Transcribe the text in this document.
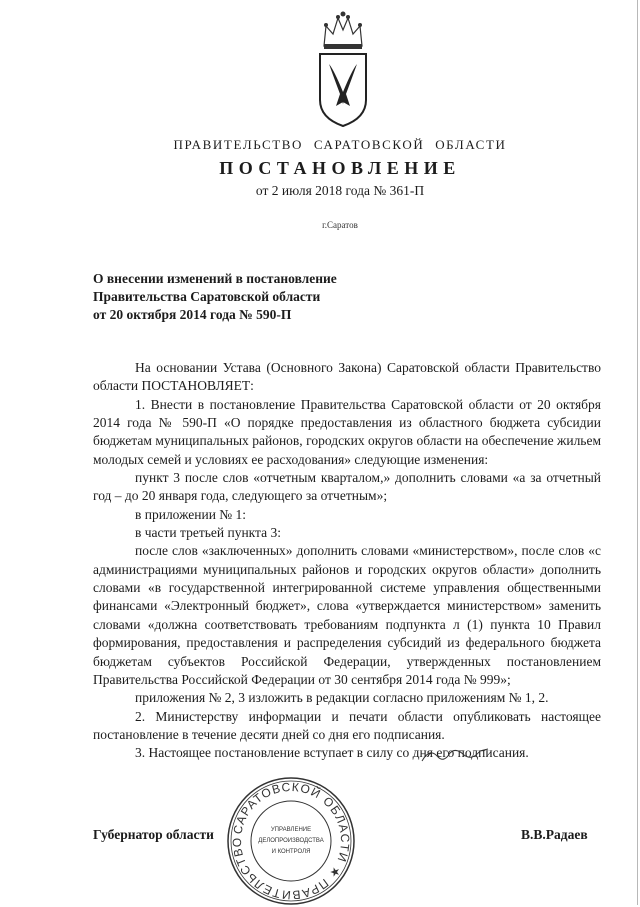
ПРАВИТЕЛЬСТВО САРАТОВСКОЙ ОБЛАСТИ
ПОСТАНОВЛЕНИЕ
от 2 июля 2018 года № 361-П
г.Саратов
О внесении изменений в постановление
Правительства Саратовской области
от 20 октября 2014 года № 590-П

На основании Устава (Основного Закона) Саратовской области Правительство области ПОСТАНОВЛЯЕТ:

1. Внести в постановление Правительства Саратовской области от 20 октября 2014 года № 590-П «О порядке предоставления из областного бюджета субсидии бюджетам муниципальных районов, городских округов области на обеспечение жильем молодых семей и условиях ее расходования» следующие изменения:

пункт 3 после слов «отчетным кварталом,» дополнить словами «а за отчетный год – до 20 января года, следующего за отчетным»;

в приложении № 1:

в части третьей пункта 3:

после слов «заключенных» дополнить словами «министерством», после слов «с администрациями муниципальных районов и городских округов области» дополнить словами «в государственной интегрированной системе управления общественными финансами «Электронный бюджет», слова «утверждается министерством» заменить словами «должна соответствовать требованиям подпункта л (1) пункта 10 Правил формирования, предоставления и распределения субсидий из федерального бюджета бюджетам субъектов Российской Федерации, утвержденных постановлением Правительства Российской Федерации от 30 сентября 2014 года № 999»;

приложения № 2, 3 изложить в редакции согласно приложениям № 1, 2.

2. Министерству информации и печати области опубликовать настоящее постановление в течение десяти дней со дня его подписания.

3. Настоящее постановление вступает в силу со дня его подписания.

Губернатор области	В.В.Радаев
САРАТОВСКОЙ ОБЛАСТИ ★ ПРАВИТЕЛЬСТВО
УПРАВЛЕНИЕ
ДЕЛОПРОИЗВОДСТВА
И КОНТРОЛЯ
